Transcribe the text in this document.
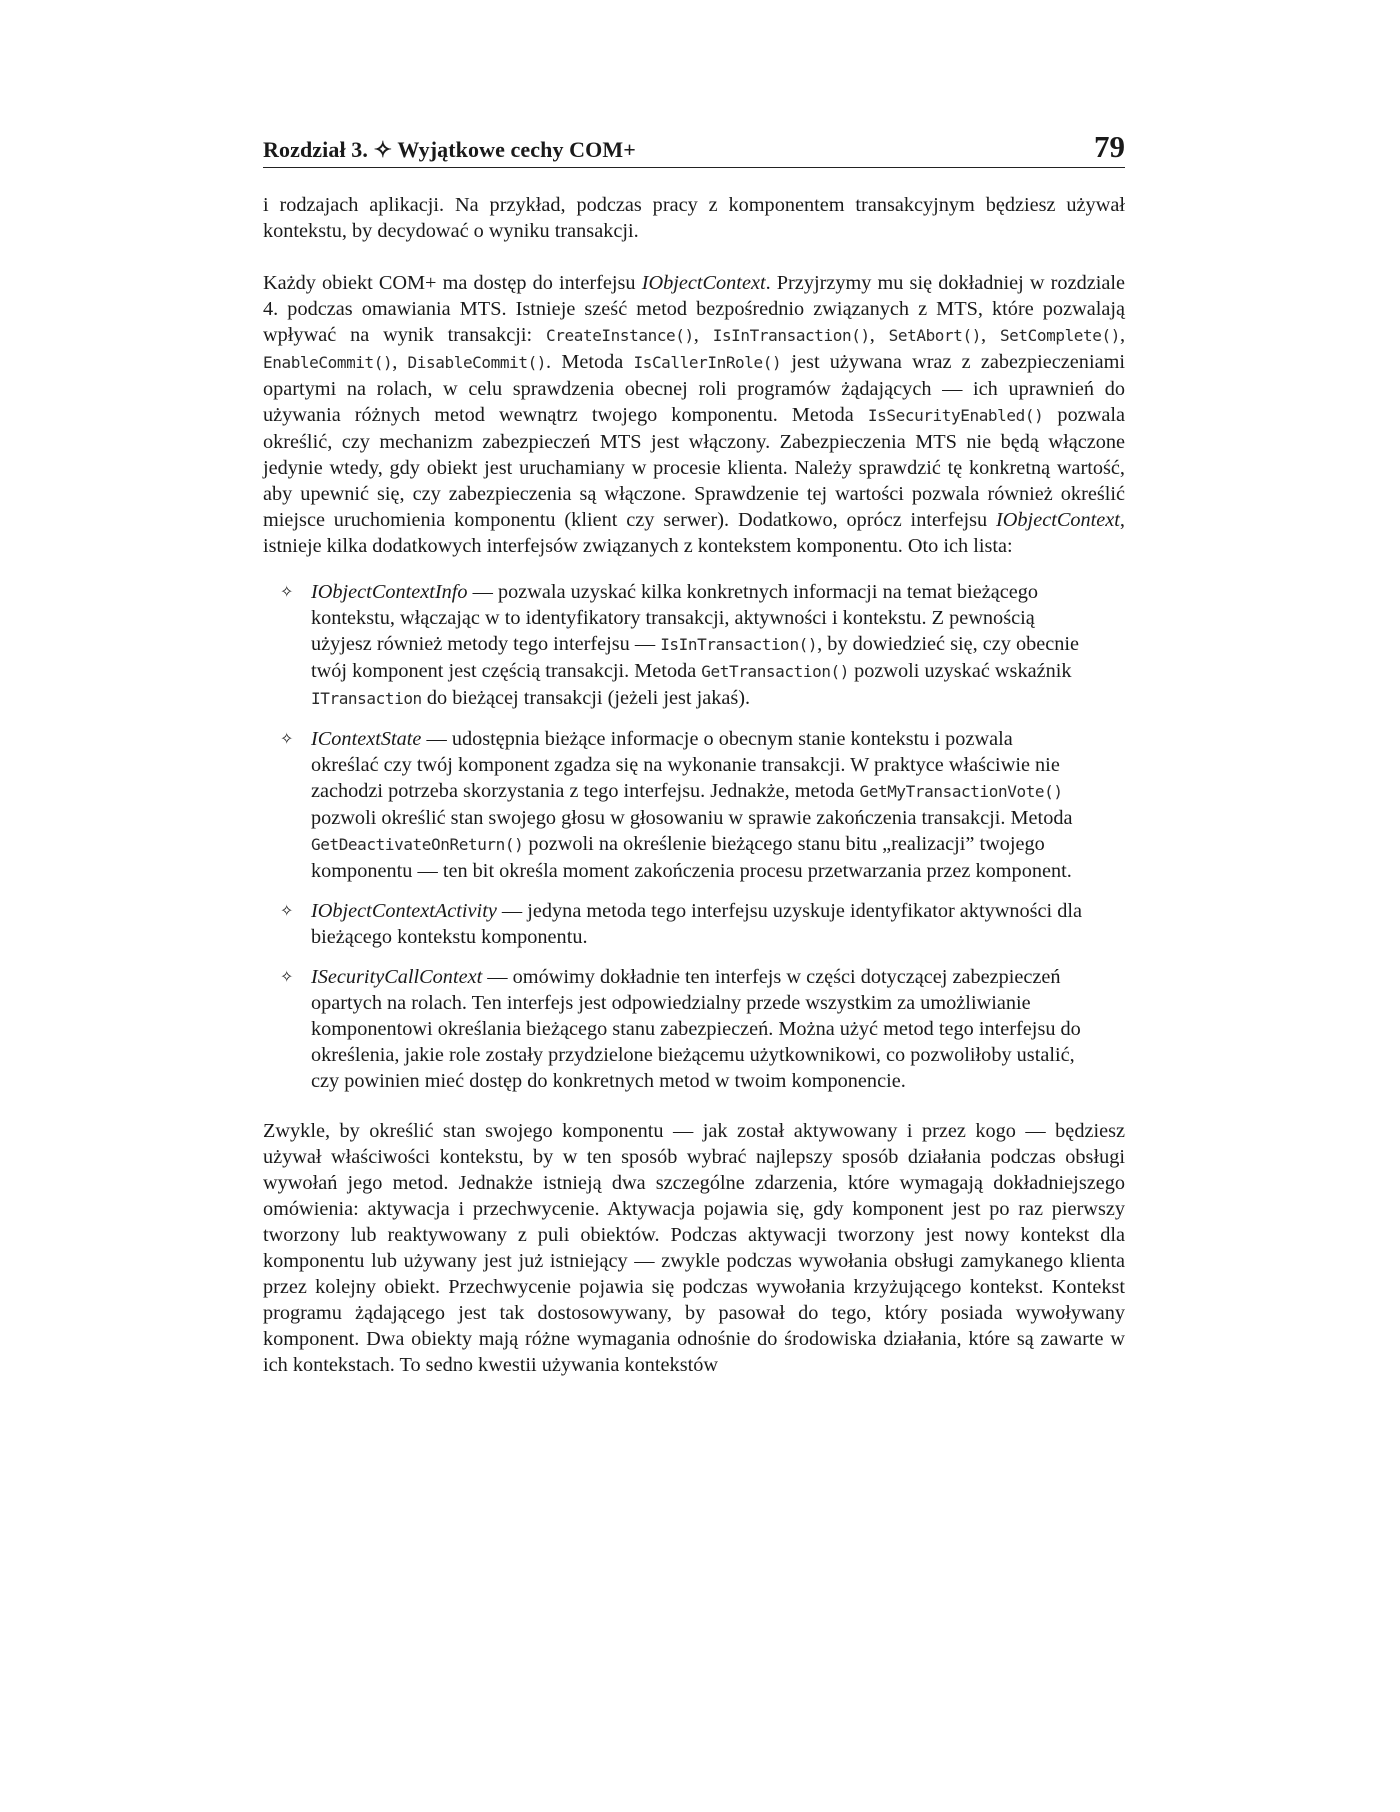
Rozdział 3. ✧ Wyjątkowe cechy COM+	79

i rodzajach aplikacji. Na przykład, podczas pracy z komponentem transakcyjnym będziesz używał kontekstu, by decydować o wyniku transakcji.

Każdy obiekt COM+ ma dostęp do interfejsu IObjectContext. Przyjrzymy mu się dokładniej w rozdziale 4. podczas omawiania MTS. Istnieje sześć metod bezpośrednio związanych z MTS, które pozwalają wpływać na wynik transakcji: CreateInstance(), IsInTransaction(), SetAbort(), SetComplete(), EnableCommit(), DisableCommit(). Metoda IsCallerInRole() jest używana wraz z zabezpieczeniami opartymi na rolach, w celu sprawdzenia obecnej roli programów żądających — ich uprawnień do używania różnych metod wewnątrz twojego komponentu. Metoda IsSecurityEnabled() pozwala określić, czy mechanizm zabezpieczeń MTS jest włączony. Zabezpieczenia MTS nie będą włączone jedynie wtedy, gdy obiekt jest uruchamiany w procesie klienta. Należy sprawdzić tę konkretną wartość, aby upewnić się, czy zabezpieczenia są włączone. Sprawdzenie tej wartości pozwala również określić miejsce uruchomienia komponentu (klient czy serwer). Dodatkowo, oprócz interfejsu IObjectContext, istnieje kilka dodatkowych interfejsów związanych z kontekstem komponentu. Oto ich lista:

✧ IObjectContextInfo — pozwala uzyskać kilka konkretnych informacji na temat bieżącego kontekstu, włączając w to identyfikatory transakcji, aktywności i kontekstu. Z pewnością użyjesz również metody tego interfejsu — IsInTransaction(), by dowiedzieć się, czy obecnie twój komponent jest częścią transakcji. Metoda GetTransaction() pozwoli uzyskać wskaźnik ITransaction do bieżącej transakcji (jeżeli jest jakaś).
✧ IContextState — udostępnia bieżące informacje o obecnym stanie kontekstu i pozwala określać czy twój komponent zgadza się na wykonanie transakcji. W praktyce właściwie nie zachodzi potrzeba skorzystania z tego interfejsu. Jednakże, metoda GetMyTransactionVote() pozwoli określić stan swojego głosu w głosowaniu w sprawie zakończenia transakcji. Metoda GetDeactivateOnReturn() pozwoli na określenie bieżącego stanu bitu „realizacji” twojego komponentu — ten bit określa moment zakończenia procesu przetwarzania przez komponent.
✧ IObjectContextActivity — jedyna metoda tego interfejsu uzyskuje identyfikator aktywności dla bieżącego kontekstu komponentu.
✧ ISecurityCallContext — omówimy dokładnie ten interfejs w części dotyczącej zabezpieczeń opartych na rolach. Ten interfejs jest odpowiedzialny przede wszystkim za umożliwianie komponentowi określania bieżącego stanu zabezpieczeń. Można użyć metod tego interfejsu do określenia, jakie role zostały przydzielone bieżącemu użytkownikowi, co pozwoliłoby ustalić, czy powinien mieć dostęp do konkretnych metod w twoim komponencie.

Zwykle, by określić stan swojego komponentu — jak został aktywowany i przez kogo — będziesz używał właściwości kontekstu, by w ten sposób wybrać najlepszy sposób działania podczas obsługi wywołań jego metod. Jednakże istnieją dwa szczególne zdarzenia, które wymagają dokładniejszego omówienia: aktywacja i przechwycenie. Aktywacja pojawia się, gdy komponent jest po raz pierwszy tworzony lub reaktywowany z puli obiektów. Podczas aktywacji tworzony jest nowy kontekst dla komponentu lub używany jest już istniejący — zwykle podczas wywołania obsługi zamykanego klienta przez kolejny obiekt. Przechwycenie pojawia się podczas wywołania krzyżującego kontekst. Kontekst programu żądającego jest tak dostosowywany, by pasował do tego, który posiada wywoływany komponent. Dwa obiekty mają różne wymagania odnośnie do środowiska działania, które są zawarte w ich kontekstach. To sedno kwestii używania kontekstów
